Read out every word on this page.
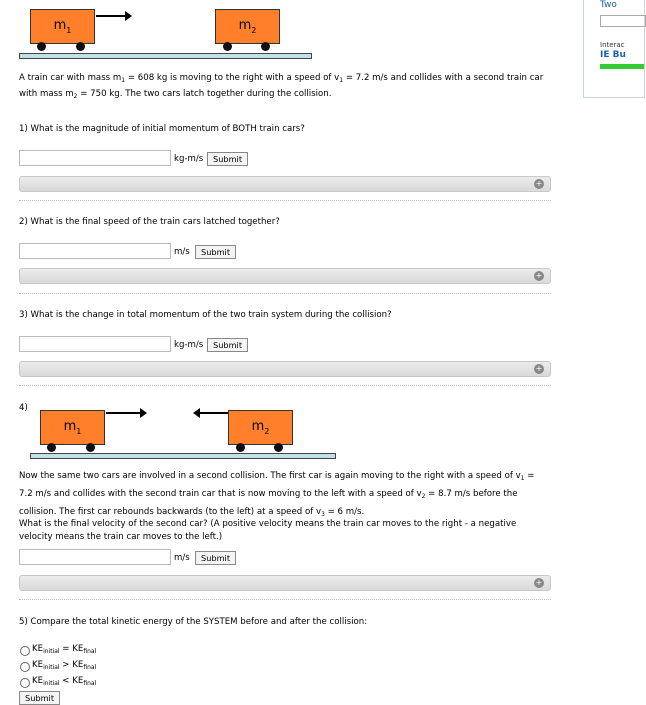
Two
Interac
IE Bu
$m_1$	$m_2$
A train car with mass $m_1 = 608$ kg is moving to the right with a speed of $v_1 = 7.2$ m/s and collides with a second train car
with mass $m_2 = 750$ kg. The two cars latch together during the collision.
1) What is the magnitude of initial momentum of BOTH train cars?
kg-m/s	Submit
+
2) What is the final speed of the train cars latched together?
m/s	Submit
+
3) What is the change in total momentum of the two train system during the collision?
kg-m/s	Submit
+
4)
$m_1$	$m_2$
Now the same two cars are involved in a second collision. The first car is again moving to the right with a speed of $v_1$ =
7.2 m/s and collides with the second train car that is now moving to the left with a speed of $v_2 = 8.7$ m/s before the
collision. The first car rebounds backwards (to the left) at a speed of $v_3 = 6$ m/s.
What is the final velocity of the second car? (A positive velocity means the train car moves to the right - a negative
velocity means the train car moves to the left.)
m/s	Submit
+
5) Compare the total kinetic energy of the SYSTEM before and after the collision:
$KE_{initial} = KE_{final}$
$KE_{initial} > KE_{final}$
$KE_{initial} < KE_{final}$
Submit
